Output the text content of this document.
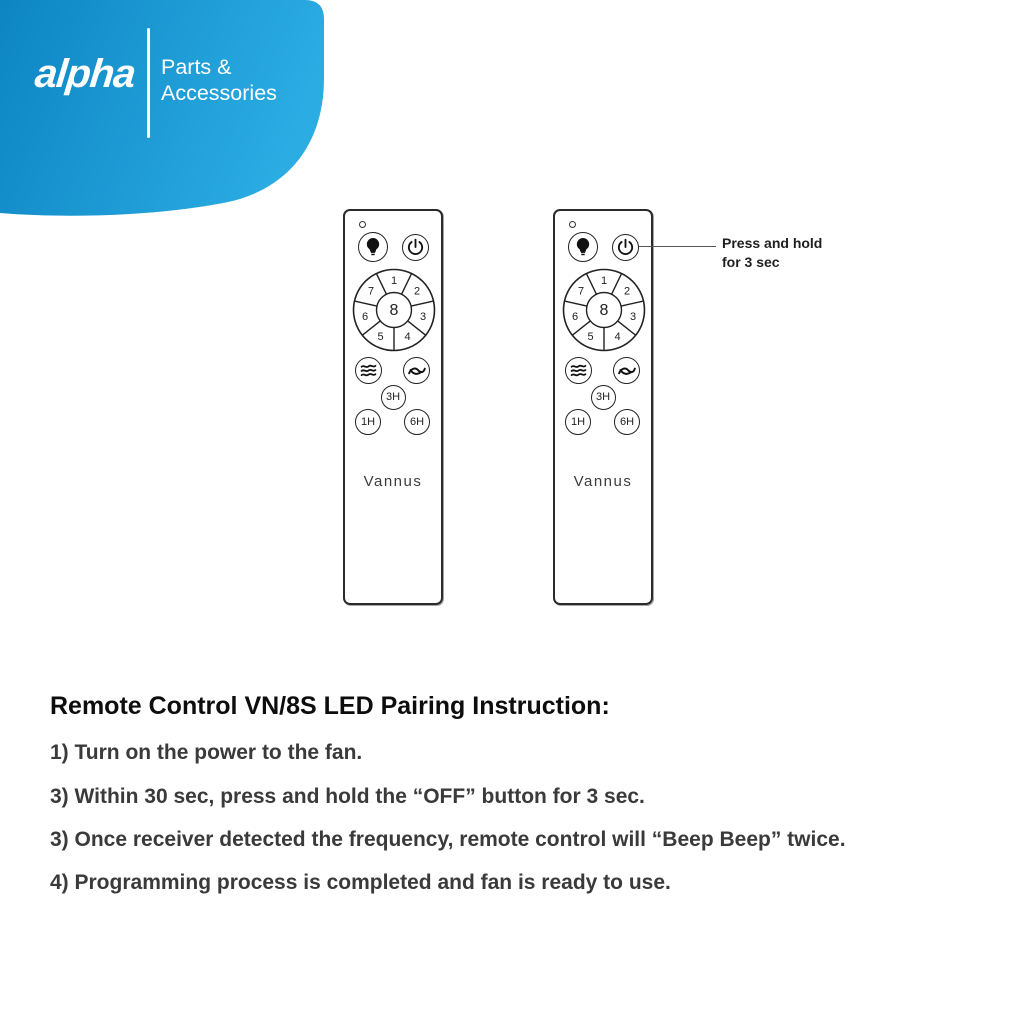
alpha Parts &
Accessories
1
2
3
4
5
6
7
8
3H
1H	6H
Vannus
1
2
3
4
5
6
7
8
3H
1H	6H
Vannus
Press and hold
for 3 sec
Remote Control VN/8S LED Pairing Instruction:

1) Turn on the power to the fan.

3) Within 30 sec, press and hold the “OFF” button for 3 sec.

3) Once receiver detected the frequency, remote control will “Beep Beep” twice.

4) Programming process is completed and fan is ready to use.
